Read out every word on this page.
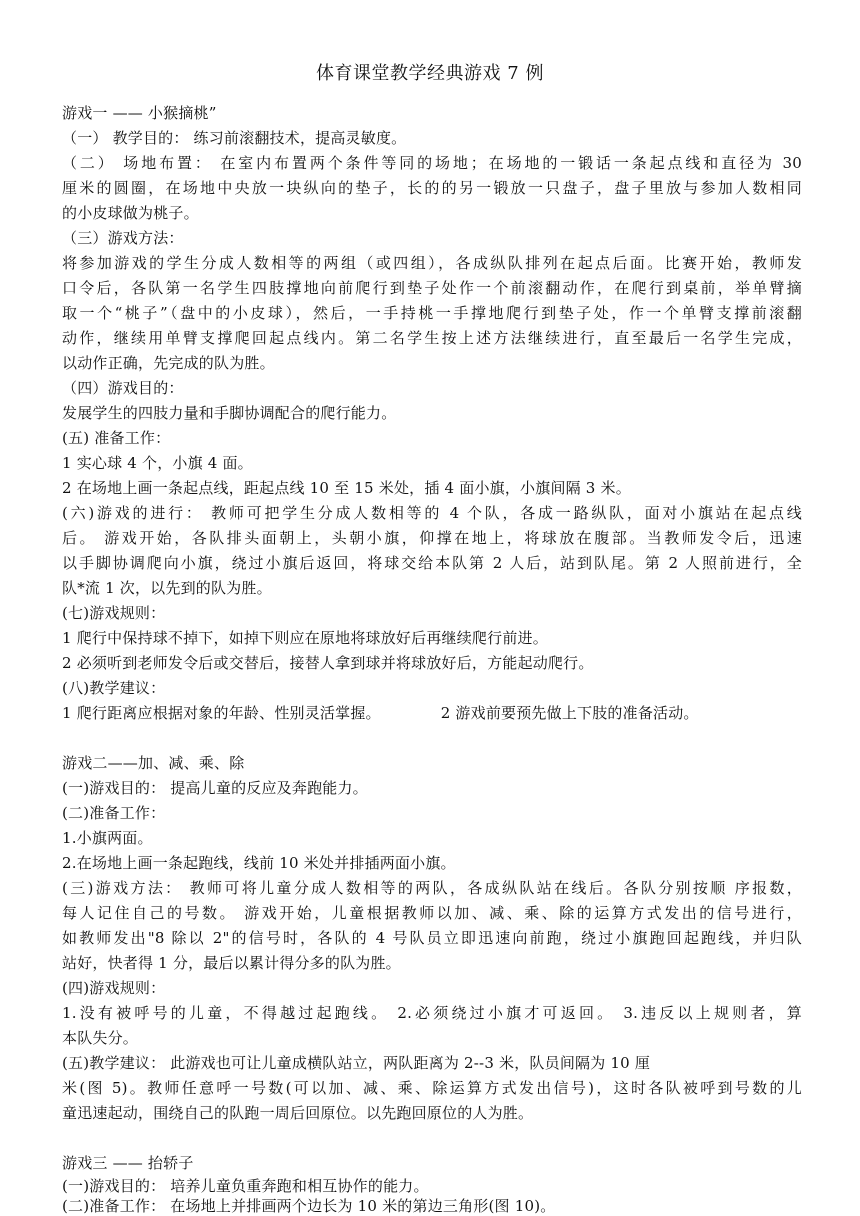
体育课堂教学经典游戏 7 例
游戏一 —— 小猴摘桃”
（一） 教学目的： 练习前滚翻技术，提高灵敏度。
（二） 场地布置： 在室内布置两个条件等同的场地；在场地的一锻话一条起点线和直径为 30
厘米的圆圈，在场地中央放一块纵向的垫子，长的的另一锻放一只盘子，盘子里放与参加人数相同
的小皮球做为桃子。
（三）游戏方法：
将参加游戏的学生分成人数相等的两组（或四组），各成纵队排列在起点后面。比赛开始，教师发
口令后，各队第一名学生四肢撑地向前爬行到垫子处作一个前滚翻动作，在爬行到桌前，举单臂摘
取一个“桃子”（盘中的小皮球），然后，一手持桃一手撑地爬行到垫子处，作一个单臂支撑前滚翻
动作，继续用单臂支撑爬回起点线内。第二名学生按上述方法继续进行，直至最后一名学生完成，
以动作正确，先完成的队为胜。
（四）游戏目的：
发展学生的四肢力量和手脚协调配合的爬行能力。
(五) 准备工作：
1 实心球 4 个，小旗 4 面。
2 在场地上画一条起点线，距起点线 10 至 15 米处，插 4 面小旗，小旗间隔 3 米。
(六)游戏的进行： 教师可把学生分成人数相等的 4 个队，各成一路纵队，面对小旗站在起点线
后。 游戏开始，各队排头面朝上，头朝小旗，仰撑在地上，将球放在腹部。当教师发令后，迅速
以手脚协调爬向小旗，绕过小旗后返回，将球交给本队第 2 人后，站到队尾。第 2 人照前进行，全
队*流 1 次，以先到的队为胜。
(七)游戏规则：
1 爬行中保持球不掉下，如掉下则应在原地将球放好后再继续爬行前进。
2 必须听到老师发令后或交替后，接替人拿到球并将球放好后，方能起动爬行。
(八)教学建议：
1 爬行距离应根据对象的年龄、性别灵活掌握。	2 游戏前要预先做上下肢的准备活动。
游戏二——加、减、乘、除
(一)游戏目的： 提高儿童的反应及奔跑能力。
(二)准备工作：
1.小旗两面。
2.在场地上画一条起跑线，线前 10 米处并排插两面小旗。
(三)游戏方法： 教师可将儿童分成人数相等的两队，各成纵队站在线后。各队分别按顺 序报数，
每人记住自己的号数。 游戏开始，儿童根据教师以加、减、乘、除的运算方式发出的信号进行，
如教师发出"8 除以 2"的信号时，各队的 4 号队员立即迅速向前跑，绕过小旗跑回起跑线，并归队
站好，快者得 1 分，最后以累计得分多的队为胜。
(四)游戏规则：
1.没有被呼号的儿童，不得越过起跑线。 2.必须绕过小旗才可返回。 3.违反以上规则者，算
本队失分。
(五)教学建议： 此游戏也可让儿童成横队站立，两队距离为 2--3 米，队员间隔为 10 厘
米(图 5)。教师任意呼一号数(可以加、减、乘、除运算方式发出信号)，这时各队被呼到号数的儿
童迅速起动，围绕自己的队跑一周后回原位。以先跑回原位的人为胜。
游戏三 —— 抬轿子
(一)游戏目的： 培养儿童负重奔跑和相互协作的能力。
(二)准备工作： 在场地上并排画两个边长为 10 米的第边三角形(图 10)。
